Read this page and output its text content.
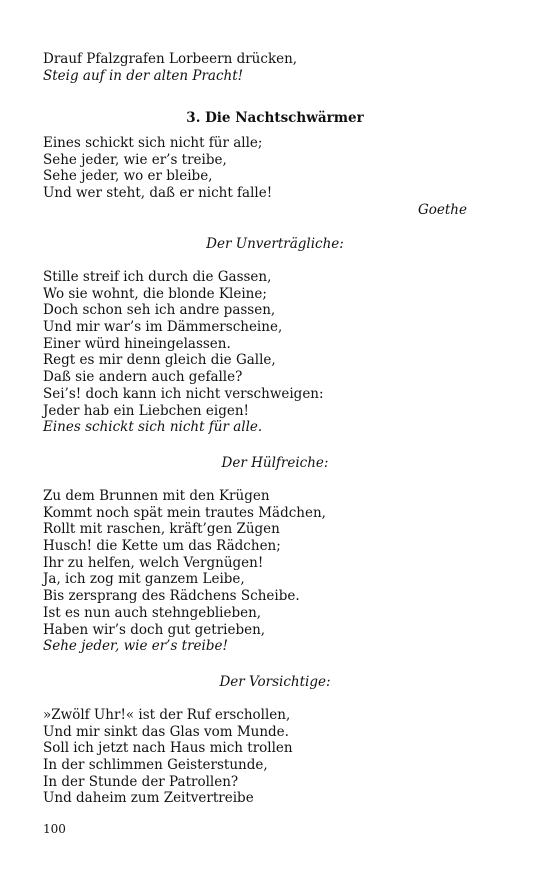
Drauf Pfalzgrafen Lorbeern drücken,
Steig auf in der alten Pracht!
3. Die Nachtschwärmer
Eines schickt sich nicht für alle;
Sehe jeder, wie er’s treibe,
Sehe jeder, wo er bleibe,
Und wer steht, daß er nicht falle!
Goethe
Der Unverträgliche:
Stille streif ich durch die Gassen,
Wo sie wohnt, die blonde Kleine;
Doch schon seh ich andre passen,
Und mir war’s im Dämmerscheine,
Einer würd hineingelassen.
Regt es mir denn gleich die Galle,
Daß sie andern auch gefalle?
Sei’s! doch kann ich nicht verschweigen:
Jeder hab ein Liebchen eigen!
Eines schickt sich nicht für alle.
Der Hülfreiche:
Zu dem Brunnen mit den Krügen
Kommt noch spät mein trautes Mädchen,
Rollt mit raschen, kräft’gen Zügen
Husch! die Kette um das Rädchen;
Ihr zu helfen, welch Vergnügen!
Ja, ich zog mit ganzem Leibe,
Bis zersprang des Rädchens Scheibe.
Ist es nun auch stehngeblieben,
Haben wir’s doch gut getrieben,
Sehe jeder, wie er’s treibe!
Der Vorsichtige:
»Zwölf Uhr!« ist der Ruf erschollen,
Und mir sinkt das Glas vom Munde.
Soll ich jetzt nach Haus mich trollen
In der schlimmen Geisterstunde,
In der Stunde der Patrollen?
Und daheim zum Zeitvertreibe
100
